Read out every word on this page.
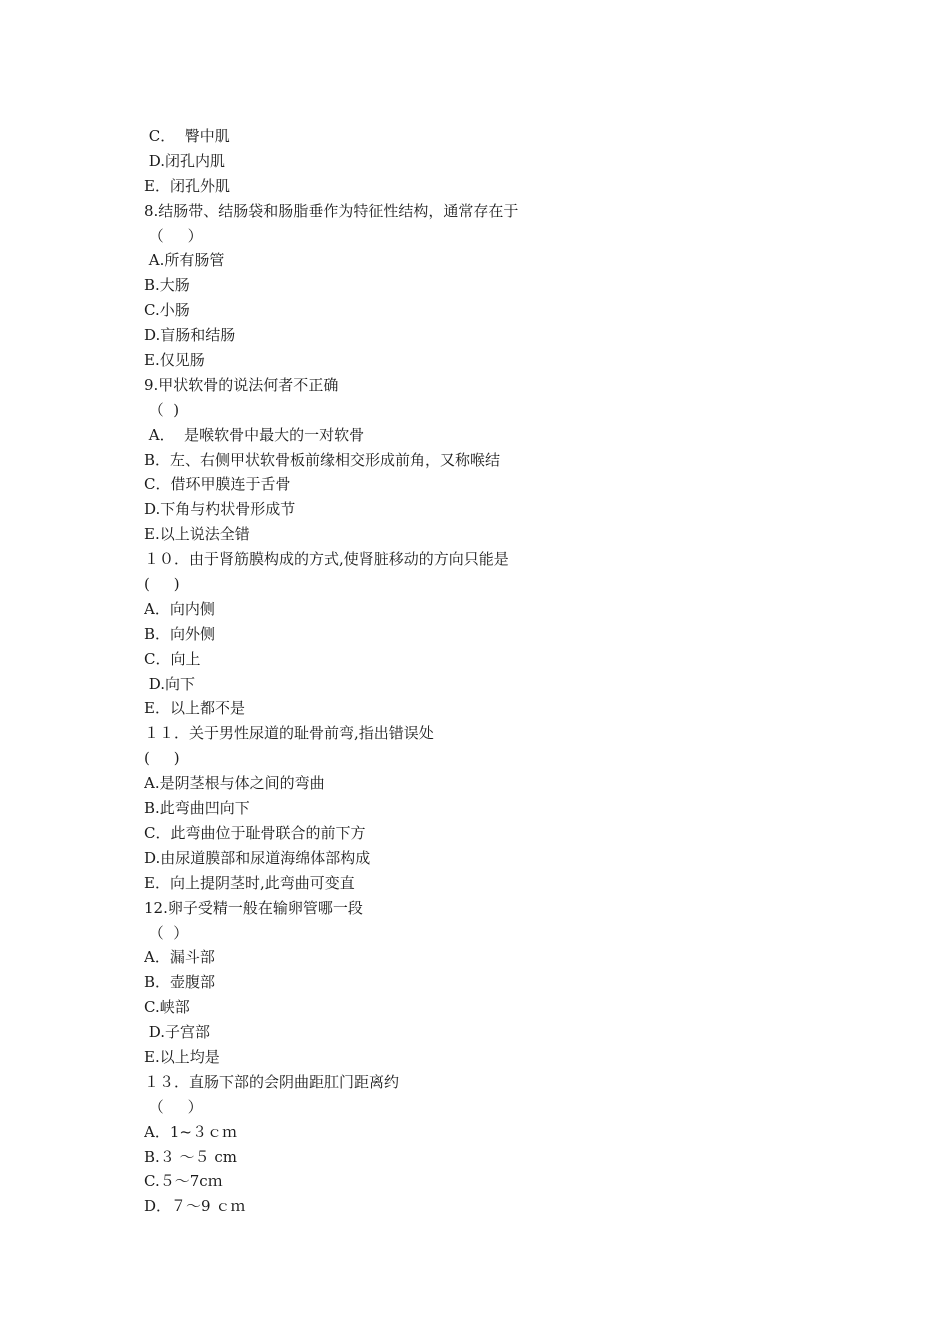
C．  臀中肌
D.闭孔内肌
E．闭孔外肌
8.结肠带、结肠袋和肠脂垂作为特征性结构，通常存在于
（     ）
A.所有肠管
B.大肠
C.小肠
D.盲肠和结肠
E.仅见肠
9.甲状软骨的说法何者不正确
（  )
A．  是喉软骨中最大的一对软骨
B．左、右侧甲状软骨板前缘相交形成前角，又称喉结
C．借环甲膜连于舌骨
D.下角与杓状骨形成节
E.以上说法全错
１０．由于肾筋膜构成的方式,使肾脏移动的方向只能是
(     )
A．向内侧
B．向外侧
C．向上
D.向下
E．以上都不是
１１．关于男性尿道的耻骨前弯,指出错误处
(     )
A.是阴茎根与体之间的弯曲
B.此弯曲凹向下
C．此弯曲位于耻骨联合的前下方
D.由尿道膜部和尿道海绵体部构成
E．向上提阴茎时,此弯曲可变直
12.卵子受精一般在输卵管哪一段
（  ）
A．漏斗部
B．壶腹部
C.峡部
D.子宫部
E.以上均是
１３．直肠下部的会阴曲距肛门距离约
（     ）
A．1~３ｃｍ
B.３ ～５ cm
C.５～7cｍ
D．７～9 ｃｍ
